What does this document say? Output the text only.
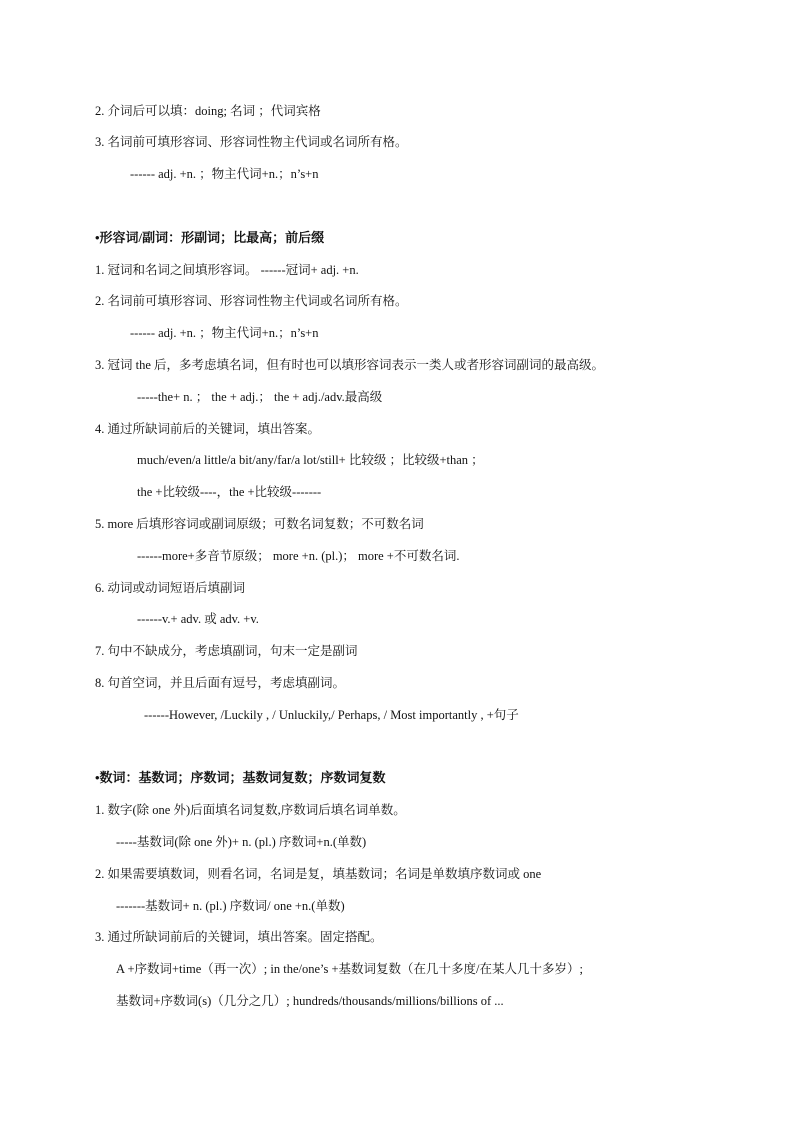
2. 介词后可以填：doing; 名词 ；代词宾格
3. 名词前可填形容词、形容词性物主代词或名词所有格。
------ adj. +n. ；物主代词+n.；n’s+n
•形容词/副词：形副词；比最高；前后缀
1. 冠词和名词之间填形容词。 ------冠词+ adj. +n.
2. 名词前可填形容词、形容词性物主代词或名词所有格。
------ adj. +n. ；物主代词+n.；n’s+n
3. 冠词 the 后，多考虑填名词，但有时也可以填形容词表示一类人或者形容词副词的最高级。
-----the+ n. ； the + adj.； the + adj./adv.最高级
4. 通过所缺词前后的关键词，填出答案。
much/even/a little/a bit/any/far/a lot/still+ 比较级 ；比较级+than ；
the +比较级----，the +比较级-------
5. more 后填形容词或副词原级；可数名词复数；不可数名词
------more+多音节原级； more +n. (pl.)； more +不可数名词.
6. 动词或动词短语后填副词
------v.+ adv. 或 adv. +v.
7. 句中不缺成分，考虑填副词，句末一定是副词
8. 句首空词，并且后面有逗号，考虑填副词。
------However, /Luckily , / Unluckily,/ Perhaps, / Most importantly , +句子
•数词：基数词；序数词；基数词复数；序数词复数
1. 数字(除 one 外)后面填名词复数,序数词后填名词单数。
-----基数词(除 one 外)+ n. (pl.) 序数词+n.(单数)
2. 如果需要填数词，则看名词，名词是复，填基数词；名词是单数填序数词或 one
-------基数词+ n. (pl.) 序数词/ one +n.(单数)
3. 通过所缺词前后的关键词，填出答案。固定搭配。
A +序数词+time（再一次）; in the/one’s +基数词复数（在几十多度/在某人几十多岁）;
基数词+序数词(s)（几分之几）; hundreds/thousands/millions/billions of ...
